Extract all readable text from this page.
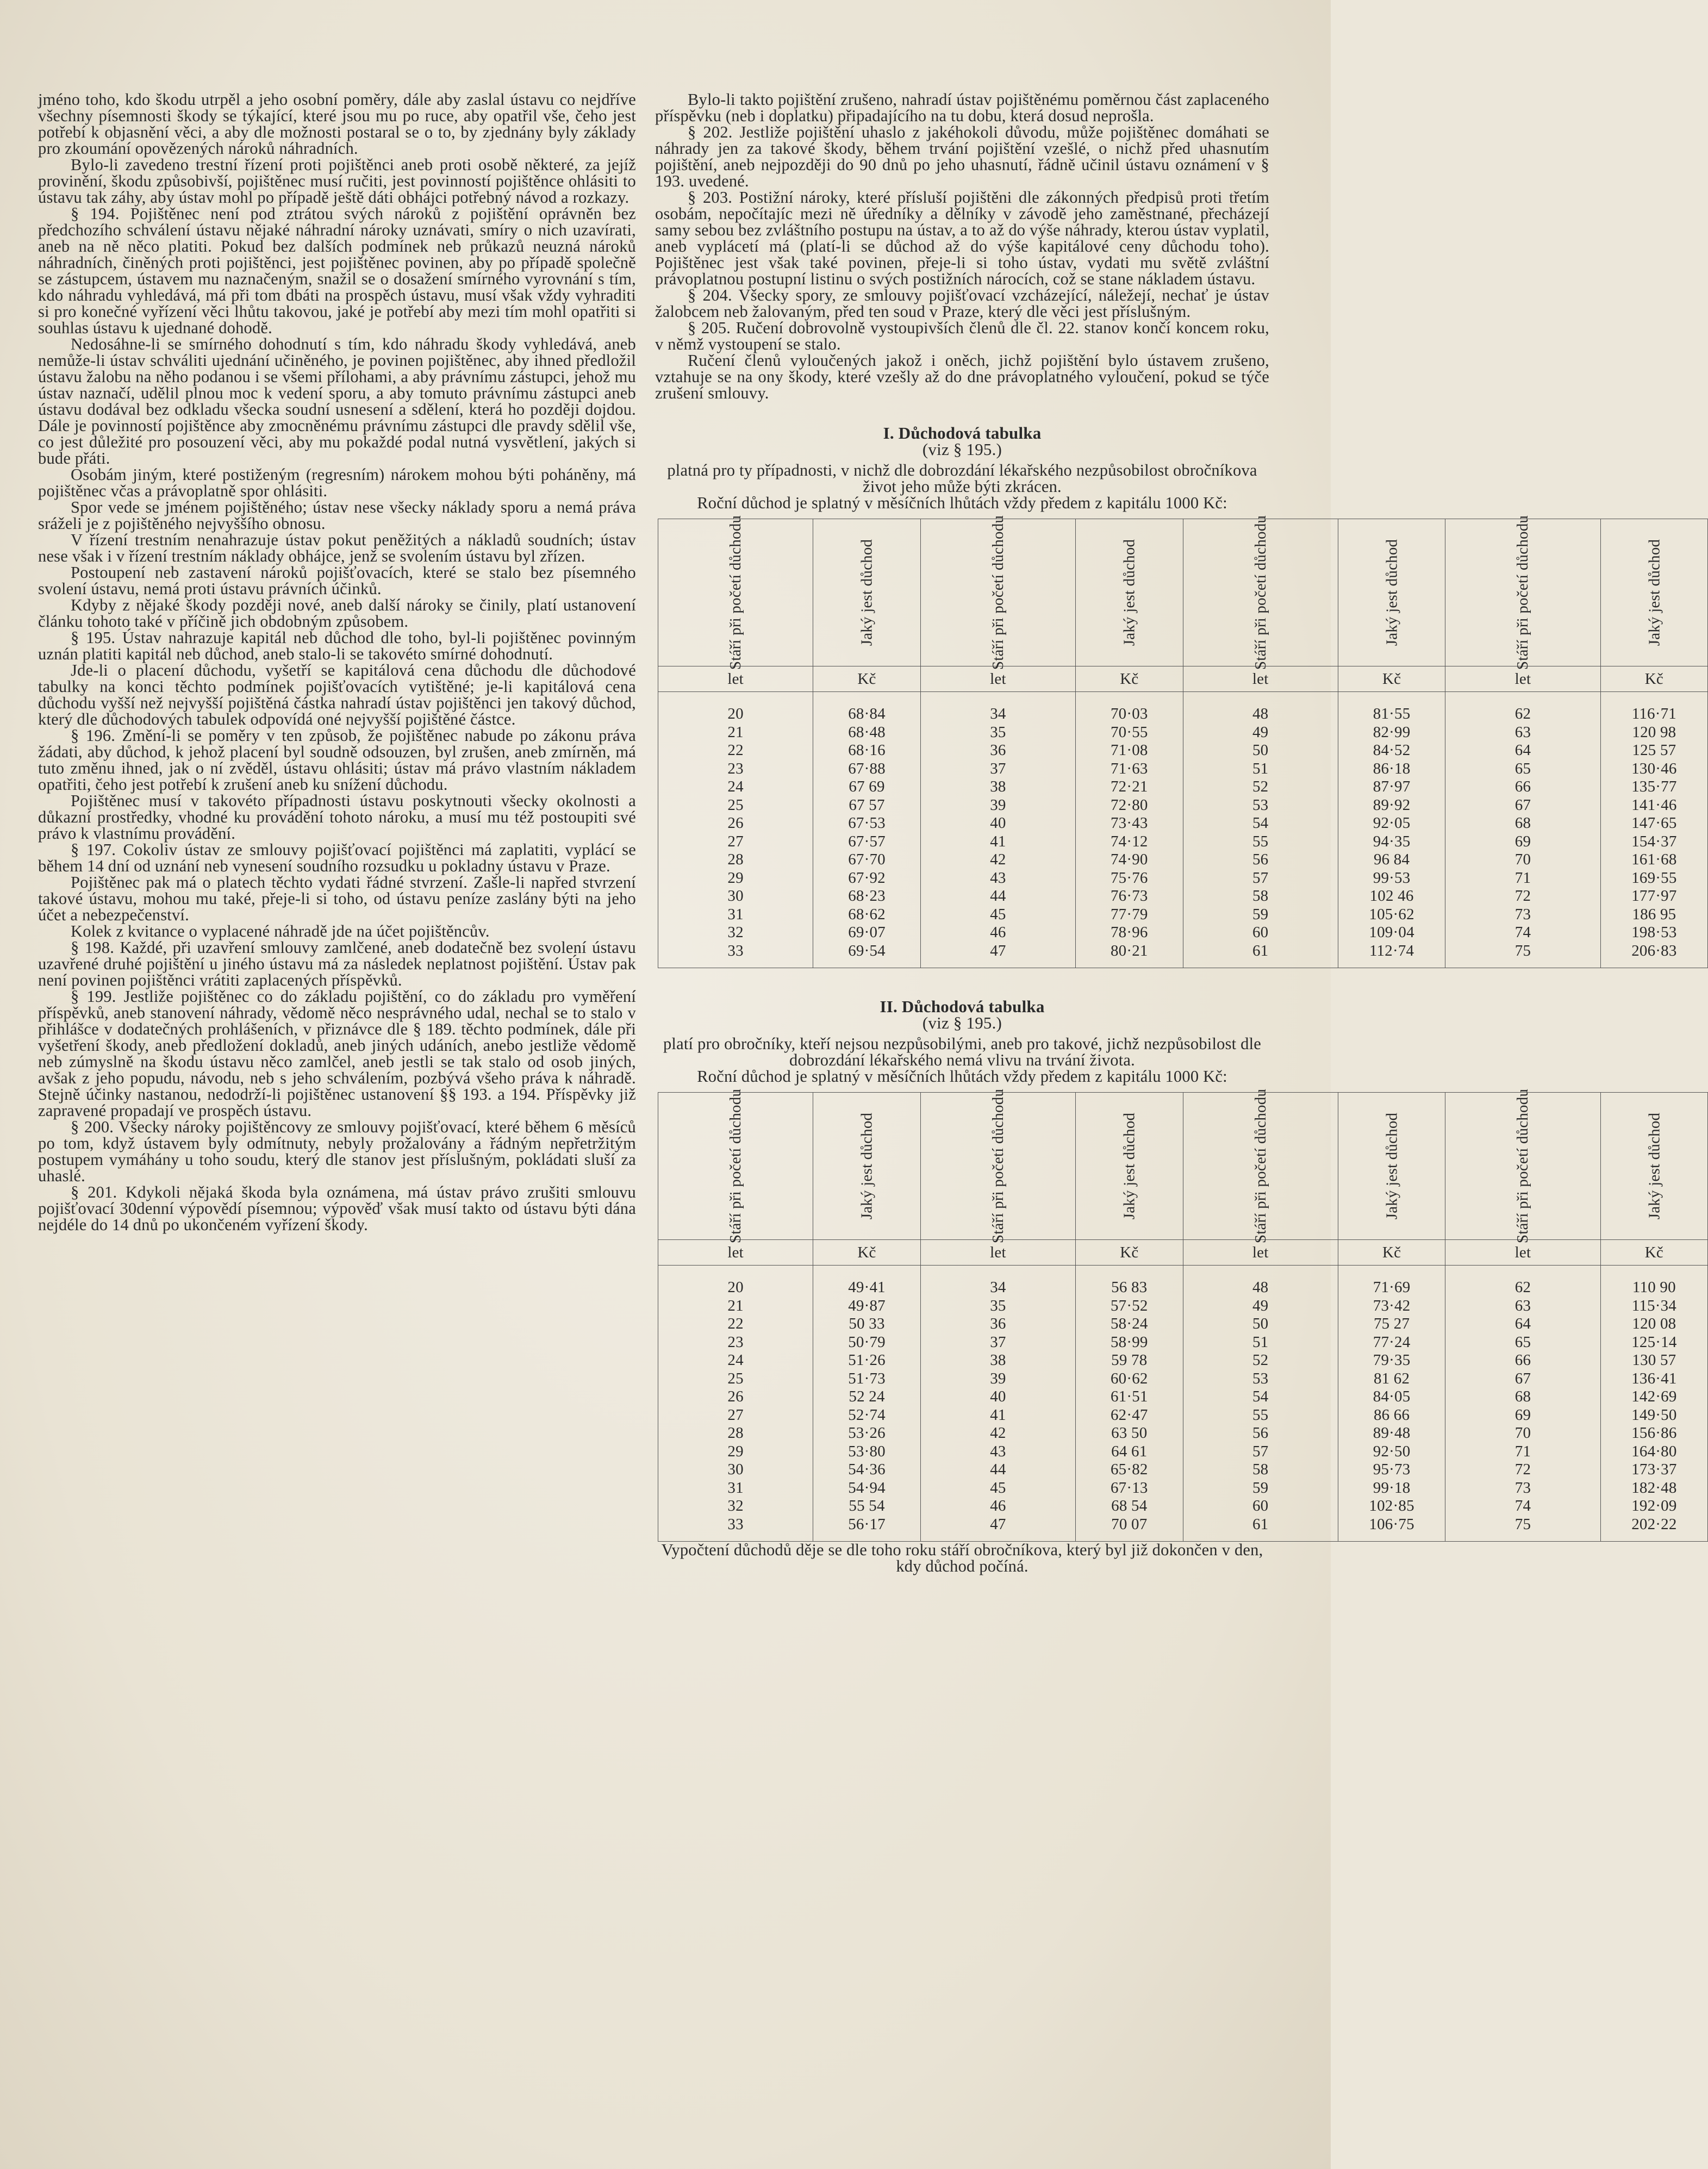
jméno toho, kdo škodu utrpěl a jeho osobní poměry, dále aby zaslal ústavu co nejdříve všechny písemnosti škody se týkající, které jsou mu po ruce, aby opatřil vše, čeho jest potřebí k objasnění věci, a aby dle možnosti postaral se o to, by zjednány byly základy pro zkoumání opovězených nároků náhradních.

Bylo-li zavedeno trestní řízení proti pojištěnci aneb proti osobě některé, za jejíž provinění, škodu způsobivší, pojištěnec musí ručiti, jest povinností pojištěnce ohlásiti to ústavu tak záhy, aby ústav mohl po případě ještě dáti obhájci potřebný návod a rozkazy.

§ 194. Pojištěnec není pod ztrátou svých nároků z pojištění oprávněn bez předchozího schválení ústavu nějaké náhradní nároky uznávati, smíry o nich uzavírati, aneb na ně něco platiti. Pokud bez dalších podmínek neb průkazů neuzná nároků náhradních, činěných proti pojištěnci, jest pojištěnec povinen, aby po případě společně se zástupcem, ústavem mu naznačeným, snažil se o dosažení smírného vyrovnání s tím, kdo náhradu vyhledává, má při tom dbáti na prospěch ústavu, musí však vždy vyhraditi si pro konečné vyřízení věci lhůtu takovou, jaké je potřebí aby mezi tím mohl opatřiti si souhlas ústavu k ujednané dohodě.

Nedosáhne-li se smírného dohodnutí s tím, kdo náhradu škody vyhledává, aneb nemůže-li ústav schváliti ujednání učiněného, je povinen pojištěnec, aby ihned předložil ústavu žalobu na něho podanou i se všemi přílohami, a aby právnímu zástupci, jehož mu ústav naznačí, udělil plnou moc k vedení sporu, a aby tomuto právnímu zástupci aneb ústavu dodával bez odkladu všecka soudní usnesení a sdělení, která ho později dojdou. Dále je povinností pojištěnce aby zmocněnému právnímu zástupci dle pravdy sdělil vše, co jest důležité pro posouzení věci, aby mu pokaždé podal nutná vysvětlení, jakých si bude přáti.

Osobám jiným, které postiženým (regresním) nárokem mohou býti poháněny, má pojištěnec včas a právoplatně spor ohlásiti.

Spor vede se jménem pojištěného; ústav nese všecky náklady sporu a nemá práva sráželi je z pojištěného nejvyššího obnosu.

V řízení trestním nenahrazuje ústav pokut peněžitých a nákladů soudních; ústav nese však i v řízení trestním náklady obhájce, jenž se svolením ústavu byl zřízen.

Postoupení neb zastavení nároků pojišťovacích, které se stalo bez písemného svolení ústavu, nemá proti ústavu právních účinků.

Kdyby z nějaké škody později nové, aneb další nároky se činily, platí ustanovení článku tohoto také v příčině jich obdobným způsobem.

§ 195. Ústav nahrazuje kapitál neb důchod dle toho, byl-li pojištěnec povinným uznán platiti kapitál neb důchod, aneb stalo-li se takovéto smírné dohodnutí.

Jde-li o placení důchodu, vyšetří se kapitálová cena důchodu dle důchodové tabulky na konci těchto podmínek pojišťovacích vytištěné; je-li kapitálová cena důchodu vyšší než nejvyšší pojištěná částka nahradí ústav pojištěnci jen takový důchod, který dle důchodových tabulek odpovídá oné nejvyšší pojištěné částce.

§ 196. Změní-li se poměry v ten způsob, že pojištěnec nabude po zákonu práva žádati, aby důchod, k jehož placení byl soudně odsouzen, byl zrušen, aneb zmírněn, má tuto změnu ihned, jak o ní zvěděl, ústavu ohlásiti; ústav má právo vlastním nákladem opatřiti, čeho jest potřebí k zrušení aneb ku snížení důchodu.

Pojištěnec musí v takovéto případnosti ústavu poskytnouti všecky okolnosti a důkazní prostředky, vhodné ku provádění tohoto nároku, a musí mu též postoupiti své právo k vlastnímu provádění.

§ 197. Cokoliv ústav ze smlouvy pojišťovací pojištěnci má zaplatiti, vyplácí se během 14 dní od uznání neb vynesení soudního rozsudku u pokladny ústavu v Praze.

Pojištěnec pak má o platech těchto vydati řádné stvrzení. Zašle-li napřed stvrzení takové ústavu, mohou mu také, přeje-li si toho, od ústavu peníze zaslány býti na jeho účet a nebezpečenství.

Kolek z kvitance o vyplacené náhradě jde na účet pojištěncův.

§ 198. Každé, při uzavření smlouvy zamlčené, aneb dodatečně bez svolení ústavu uzavřené druhé pojištění u jiného ústavu má za následek neplatnost pojištění. Ústav pak není povinen pojištěnci vrátiti zaplacených příspěvků.

§ 199. Jestliže pojištěnec co do základu pojištění, co do základu pro vyměření příspěvků, aneb stanovení náhrady, vědomě něco nesprávného udal, nechal se to stalo v přihlášce v dodatečných prohlášeních, v přiznávce dle § 189. těchto podmínek, dále při vyšetření škody, aneb předložení dokladů, aneb jiných udáních, anebo jestliže vědomě neb zúmyslně na škodu ústavu něco zamlčel, aneb jestli se tak stalo od osob jiných, avšak z jeho popudu, návodu, neb s jeho schválením, pozbývá všeho práva k náhradě. Stejně účinky nastanou, nedodrží-li pojištěnec ustanovení §§ 193. a 194. Příspěvky již zapravené propadají ve prospěch ústavu.

§ 200. Všecky nároky pojištěncovy ze smlouvy pojišťovací, které během 6 měsíců po tom, když ústavem byly odmítnuty, nebyly prožalovány a řádným nepřetržitým postupem vymáhány u toho soudu, který dle stanov jest příslušným, pokládati sluší za uhaslé.

§ 201. Kdykoli nějaká škoda byla oznámena, má ústav právo zrušiti smlouvu pojišťovací 30denní výpovědí písemnou; výpověď však musí takto od ústavu býti dána nejdéle do 14 dnů po ukončeném vyřízení škody.

Bylo-li takto pojištění zrušeno, nahradí ústav pojištěnému poměrnou část zaplaceného příspěvku (neb i doplatku) připadajícího na tu dobu, která dosud neprošla.

§ 202. Jestliže pojištění uhaslo z jakéhokoli důvodu, může pojištěnec domáhati se náhrady jen za takové škody, během trvání pojištění vzešlé, o nichž před uhasnutím pojištění, aneb nejpozději do 90 dnů po jeho uhasnutí, řádně učinil ústavu oznámení v § 193. uvedené.

§ 203. Postižní nároky, které přísluší pojištěni dle zákonných předpisů proti třetím osobám, nepočítajíc mezi ně úředníky a dělníky v závodě jeho zaměstnané, přecházejí samy sebou bez zvláštního postupu na ústav, a to až do výše náhrady, kterou ústav vyplatil, aneb vyplácetí má (platí-li se důchod až do výše kapitálové ceny důchodu toho). Pojištěnec jest však také povinen, přeje-li si toho ústav, vydati mu světě zvláštní právoplatnou postupní listinu o svých postižních nárocích, což se stane nákladem ústavu.

§ 204. Všecky spory, ze smlouvy pojišťovací vzcházející, náležejí, nechať je ústav žalobcem neb žalovaným, před ten soud v Praze, který dle věci jest příslušným.

§ 205. Ručení dobrovolně vystoupivších členů dle čl. 22. stanov končí koncem roku, v němž vystoupení se stalo.

Ručení členů vyloučených jakož i oněch, jichž pojištění bylo ústavem zrušeno, vztahuje se na ony škody, které vzešly až do dne právoplatného vyloučení, pokud se týče zrušení smlouvy.

I. Důchodová tabulka
(viz § 195.)

platná pro ty případnosti, v nichž dle dobrozdání lékařského nezpůsobilost obročníkova život jeho může býti zkrácen.

Roční důchod je splatný v měsíčních lhůtách vždy předem z kapitálu 1000 Kč:

Stáří při početí důchodu	Jaký jest důchod	Stáří při početí důchodu	Jaký jest důchod	Stáří při početí důchodu	Jaký jest důchod	Stáří při početí důchodu	Jaký jest důchod
let	Kč	let	Kč	let	Kč	let	Kč

20	68·84	34	70·03	48	81·55	62	116·71
21	68·48	35	70·55	49	82·99	63	120 98
22	68·16	36	71·08	50	84·52	64	125 57
23	67·88	37	71·63	51	86·18	65	130·46
24	67 69	38	72·21	52	87·97	66	135·77
25	67 57	39	72·80	53	89·92	67	141·46
26	67·53	40	73·43	54	92·05	68	147·65
27	67·57	41	74·12	55	94·35	69	154·37
28	67·70	42	74·90	56	96 84	70	161·68
29	67·92	43	75·76	57	99·53	71	169·55
30	68·23	44	76·73	58	102 46	72	177·97
31	68·62	45	77·79	59	105·62	73	186 95
32	69·07	46	78·96	60	109·04	74	198·53
33	69·54	47	80·21	61	112·74	75	206·83
II. Důchodová tabulka
(viz § 195.)

platí pro obročníky, kteří nejsou nezpůsobilými, aneb pro takové, jichž nezpůsobilost dle dobrozdání lékařského nemá vlivu na trvání života.

Roční důchod je splatný v měsíčních lhůtách vždy předem z kapitálu 1000 Kč:

Stáří při početí důchodu	Jaký jest důchod	Stáří při početí důchodu	Jaký jest důchod	Stáří při početí důchodu	Jaký jest důchod	Stáří při početí důchodu	Jaký jest důchod
let	Kč	let	Kč	let	Kč	let	Kč

20	49·41	34	56 83	48	71·69	62	110 90
21	49·87	35	57·52	49	73·42	63	115·34
22	50 33	36	58·24	50	75 27	64	120 08
23	50·79	37	58·99	51	77·24	65	125·14
24	51·26	38	59 78	52	79·35	66	130 57
25	51·73	39	60·62	53	81 62	67	136·41
26	52 24	40	61·51	54	84·05	68	142·69
27	52·74	41	62·47	55	86 66	69	149·50
28	53·26	42	63 50	56	89·48	70	156·86
29	53·80	43	64 61	57	92·50	71	164·80
30	54·36	44	65·82	58	95·73	72	173·37
31	54·94	45	67·13	59	99·18	73	182·48
32	55 54	46	68 54	60	102·85	74	192·09
33	56·17	47	70 07	61	106·75	75	202·22

Vypočtení důchodů děje se dle toho roku stáří obročníkova, který byl již dokončen v den, kdy důchod počíná.
